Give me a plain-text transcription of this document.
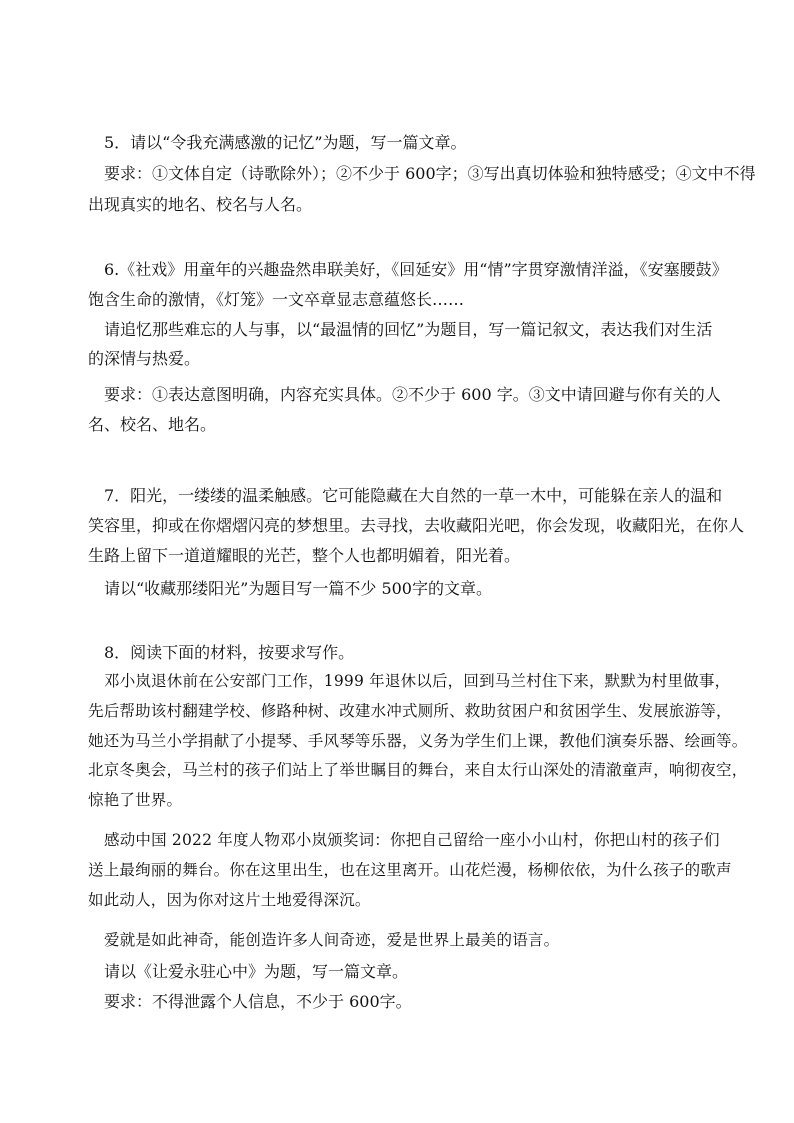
5．请以“令我充满感激的记忆”为题，写一篇文章。

要求：①文体自定（诗歌除外）；②不少于 600字；③写出真切体验和独特感受；④文中不得

出现真实的地名、校名与人名。

6.《社戏》用童年的兴趣盎然串联美好，《回延安》用“情”字贯穿激情洋溢，《安塞腰鼓》

饱含生命的激情，《灯笼》一文卒章显志意蕴悠长……

请追忆那些难忘的人与事，以“最温情的回忆”为题目，写一篇记叙文，表达我们对生活

的深情与热爱。

要求：①表达意图明确，内容充实具体。②不少于 600 字。③文中请回避与你有关的人

名、校名、地名。

7．阳光，一缕缕的温柔触感。它可能隐藏在大自然的一草一木中，可能躲在亲人的温和

笑容里，抑或在你熠熠闪亮的梦想里。去寻找，去收藏阳光吧，你会发现，收藏阳光，在你人

生路上留下一道道耀眼的光芒，整个人也都明媚着，阳光着。

请以“收藏那缕阳光”为题目写一篇不少 500字的文章。

8．阅读下面的材料，按要求写作。

邓小岚退休前在公安部门工作，1999 年退休以后，回到马兰村住下来，默默为村里做事，

先后帮助该村翻建学校、修路种树、改建水冲式厕所、救助贫困户和贫困学生、发展旅游等，

她还为马兰小学捐献了小提琴、手风琴等乐器，义务为学生们上课，教他们演奏乐器、绘画等。

北京冬奥会，马兰村的孩子们站上了举世瞩目的舞台，来自太行山深处的清澈童声，响彻夜空，

惊艳了世界。

感动中国 2022 年度人物邓小岚颁奖词：你把自己留给一座小小山村，你把山村的孩子们

送上最绚丽的舞台。你在这里出生，也在这里离开。山花烂漫，杨柳依依，为什么孩子的歌声

如此动人，因为你对这片土地爱得深沉。

爱就是如此神奇，能创造许多人间奇迹，爱是世界上最美的语言。

请以《让爱永驻心中》为题，写一篇文章。

要求：不得泄露个人信息，不少于 600字。
